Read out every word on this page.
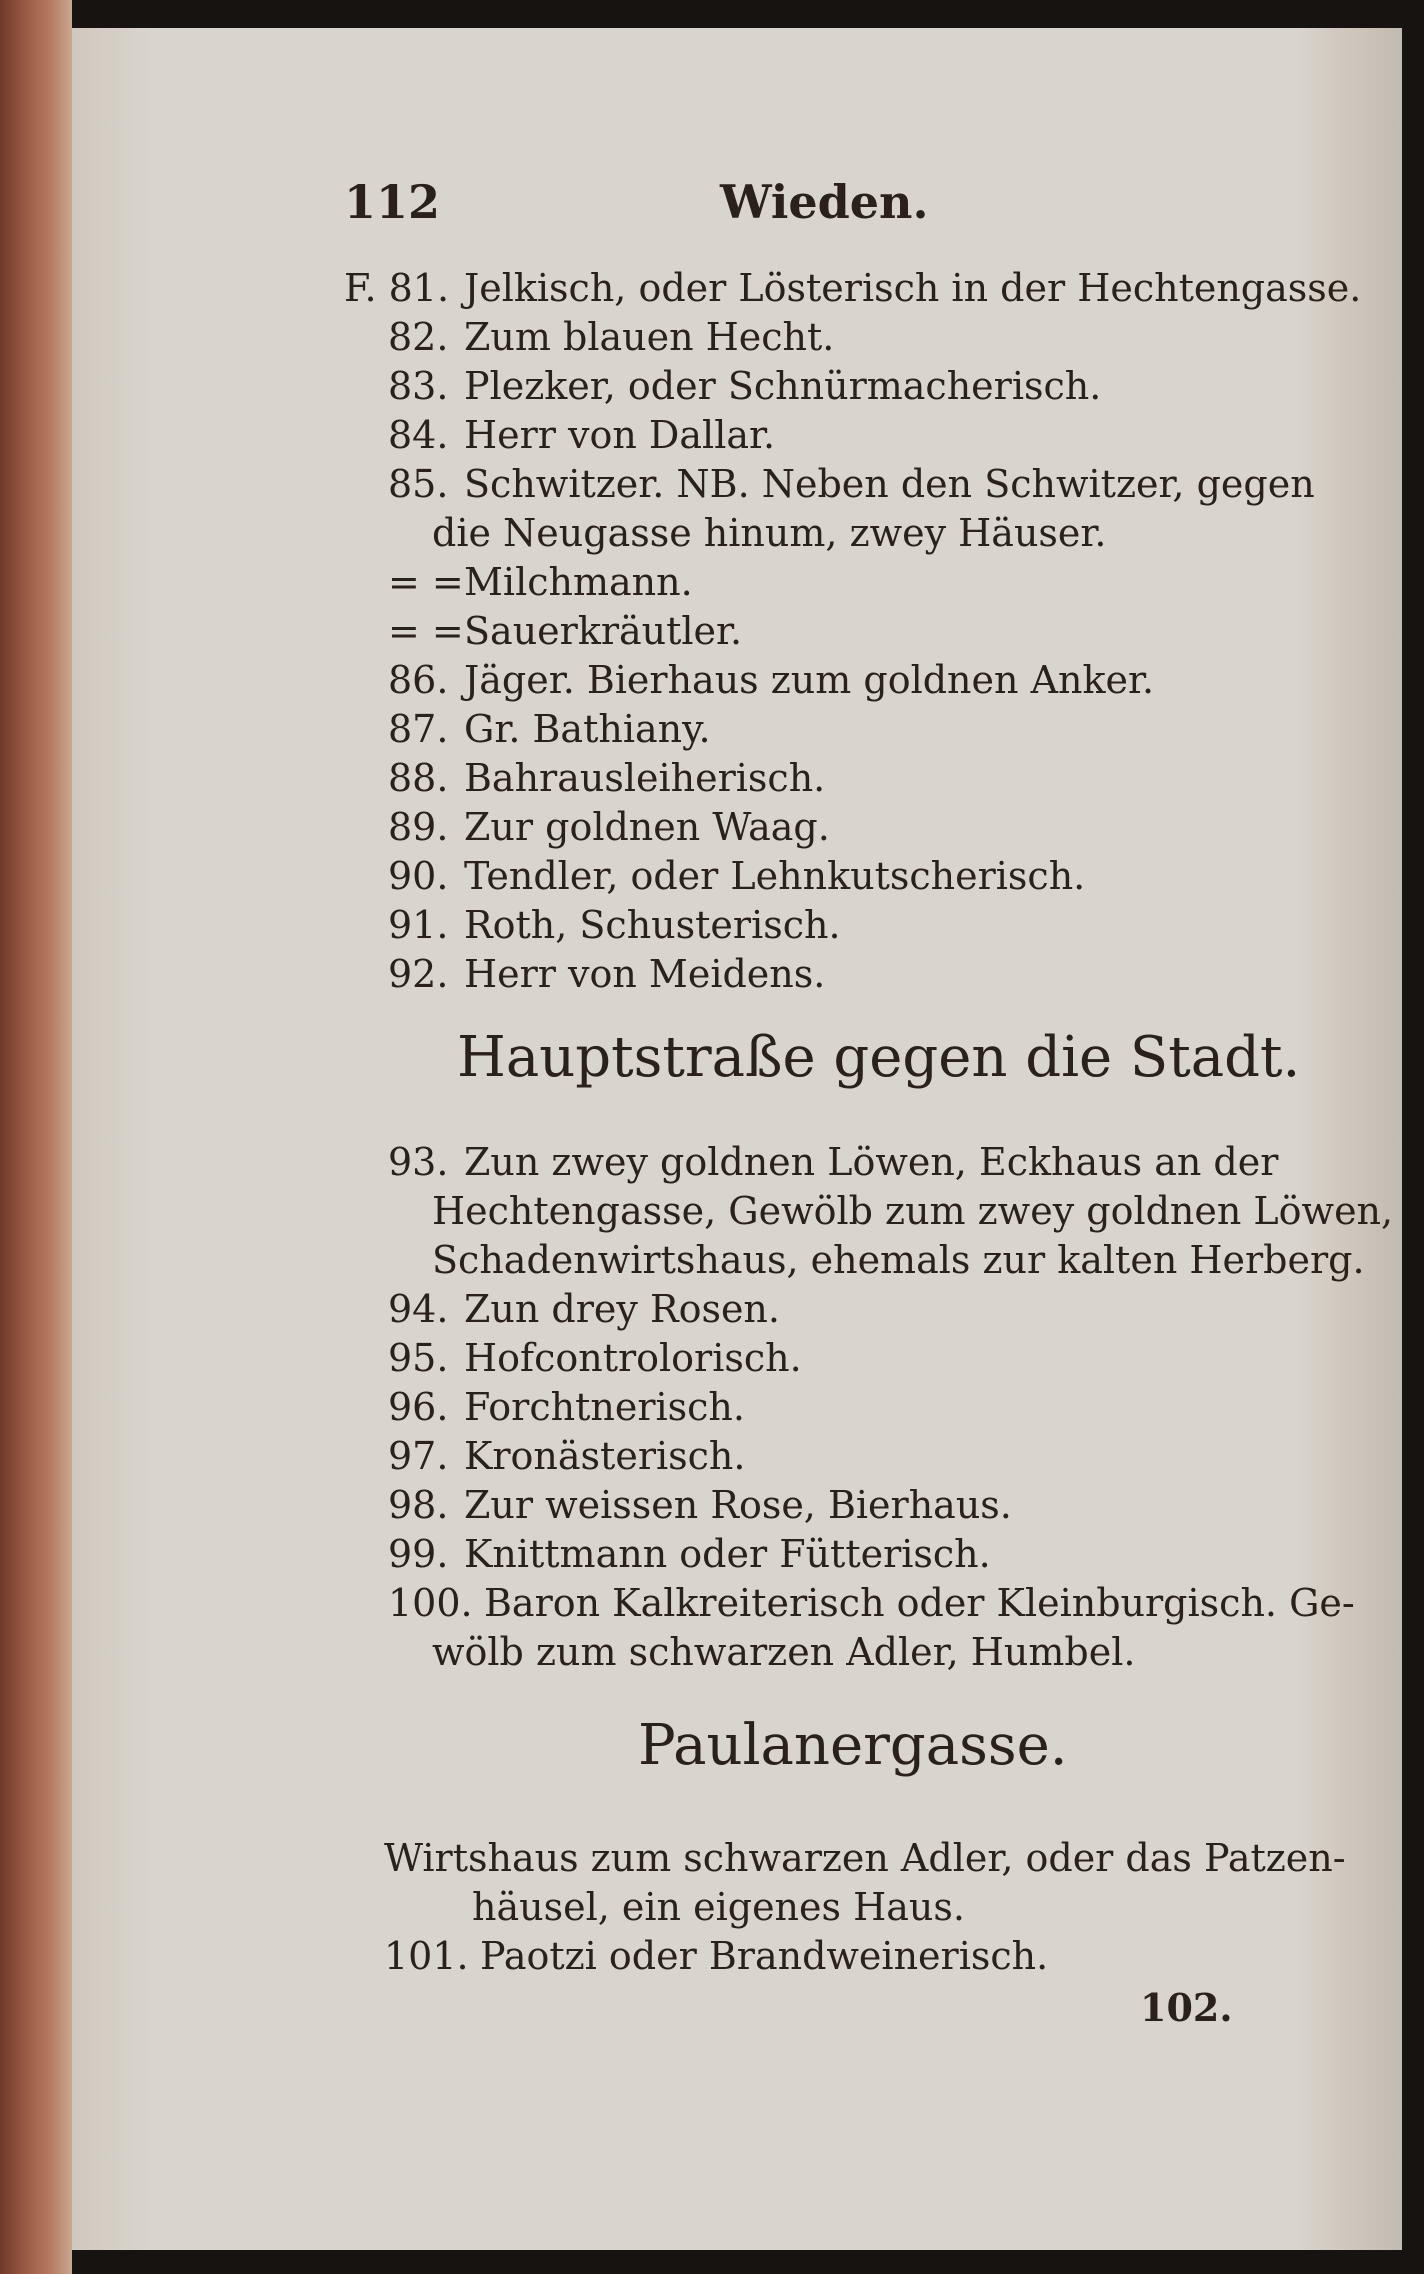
112	Wieden.
F. 81. Jelkisch, oder Lösterisch in der Hechtengasse.
82. Zum blauen Hecht.
83. Plezker, oder Schnürmacherisch.
84. Herr von Dallar.
85. Schwitzer. NB. Neben den Schwitzer, gegen
die Neugasse hinum, zwey Häuser.
= =Milchmann.
= =Sauerkräutler.
86. Jäger. Bierhaus zum goldnen Anker.
87. Gr. Bathiany.
88. Bahrausleiherisch.
89. Zur goldnen Waag.
90. Tendler, oder Lehnkutscherisch.
91. Roth, Schusterisch.
92. Herr von Meidens.
Hauptstraße gegen die Stadt.
93. Zun zwey goldnen Löwen, Eckhaus an der
Hechtengasse, Gewölb zum zwey goldnen Löwen,
Schadenwirtshaus, ehemals zur kalten Herberg.
94. Zun drey Rosen.
95. Hofcontrolorisch.
96. Forchtnerisch.
97. Kronästerisch.
98. Zur weissen Rose, Bierhaus.
99. Knittmann oder Fütterisch.
100. Baron Kalkreiterisch oder Kleinburgisch. Ge-
wölb zum schwarzen Adler, Humbel.
Paulanergasse.
Wirtshaus zum schwarzen Adler, oder das Patzen-
häusel, ein eigenes Haus.
101. Paotzi oder Brandweinerisch.
102.
